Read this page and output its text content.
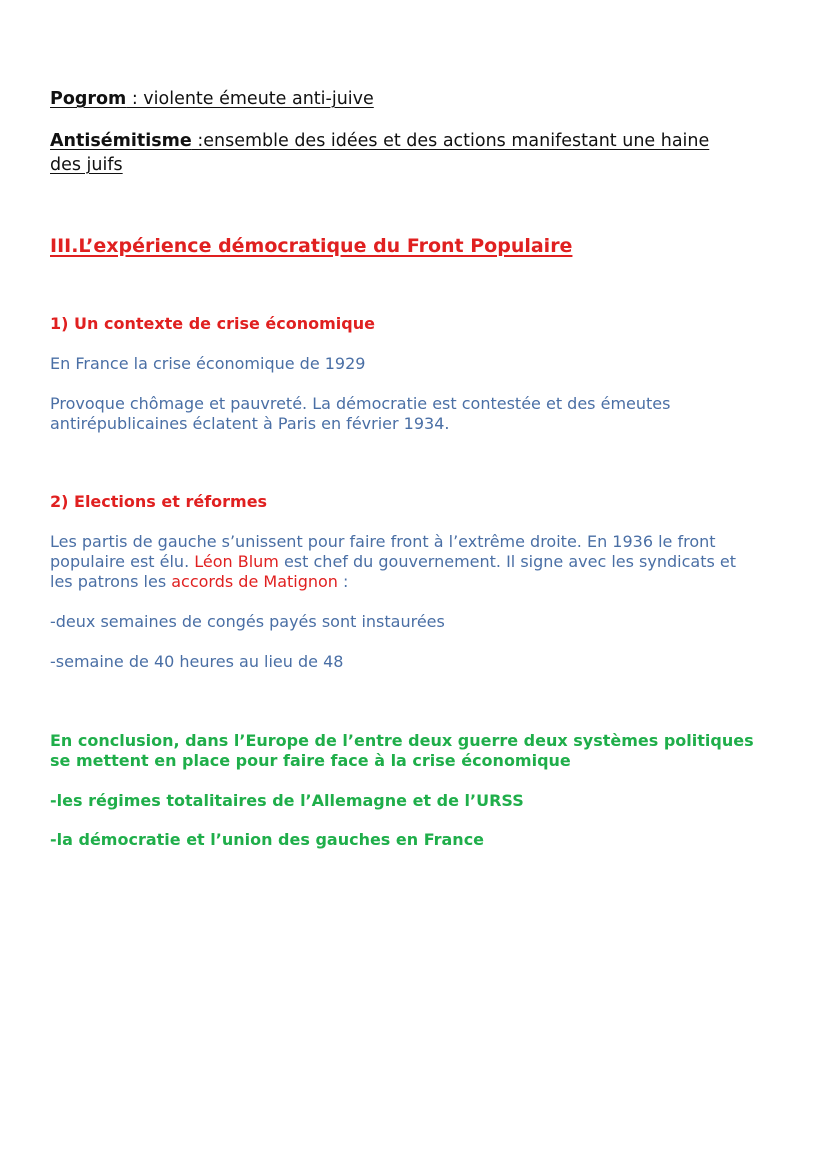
Pogrom : violente émeute anti-juive

Antisémitisme :ensemble des idées et des actions manifestant une haine

des juifs

III.L’expérience démocratique du Front Populaire

1) Un contexte de crise économique

En France la crise économique de 1929

Provoque chômage et pauvreté. La démocratie est contestée et des émeutes

antirépublicaines éclatent à Paris en février 1934.

2) Elections et réformes

Les partis de gauche s’unissent pour faire front à l’extrême droite. En 1936 le front

populaire est élu. Léon Blum est chef du gouvernement. Il signe avec les syndicats et

les patrons les accords de Matignon :

-deux semaines de congés payés sont instaurées

-semaine de 40 heures au lieu de 48

En conclusion, dans l’Europe de l’entre deux guerre deux systèmes politiques

se mettent en place pour faire face à la crise économique

-les régimes totalitaires de l’Allemagne et de l’URSS

-la démocratie et l’union des gauches en France
